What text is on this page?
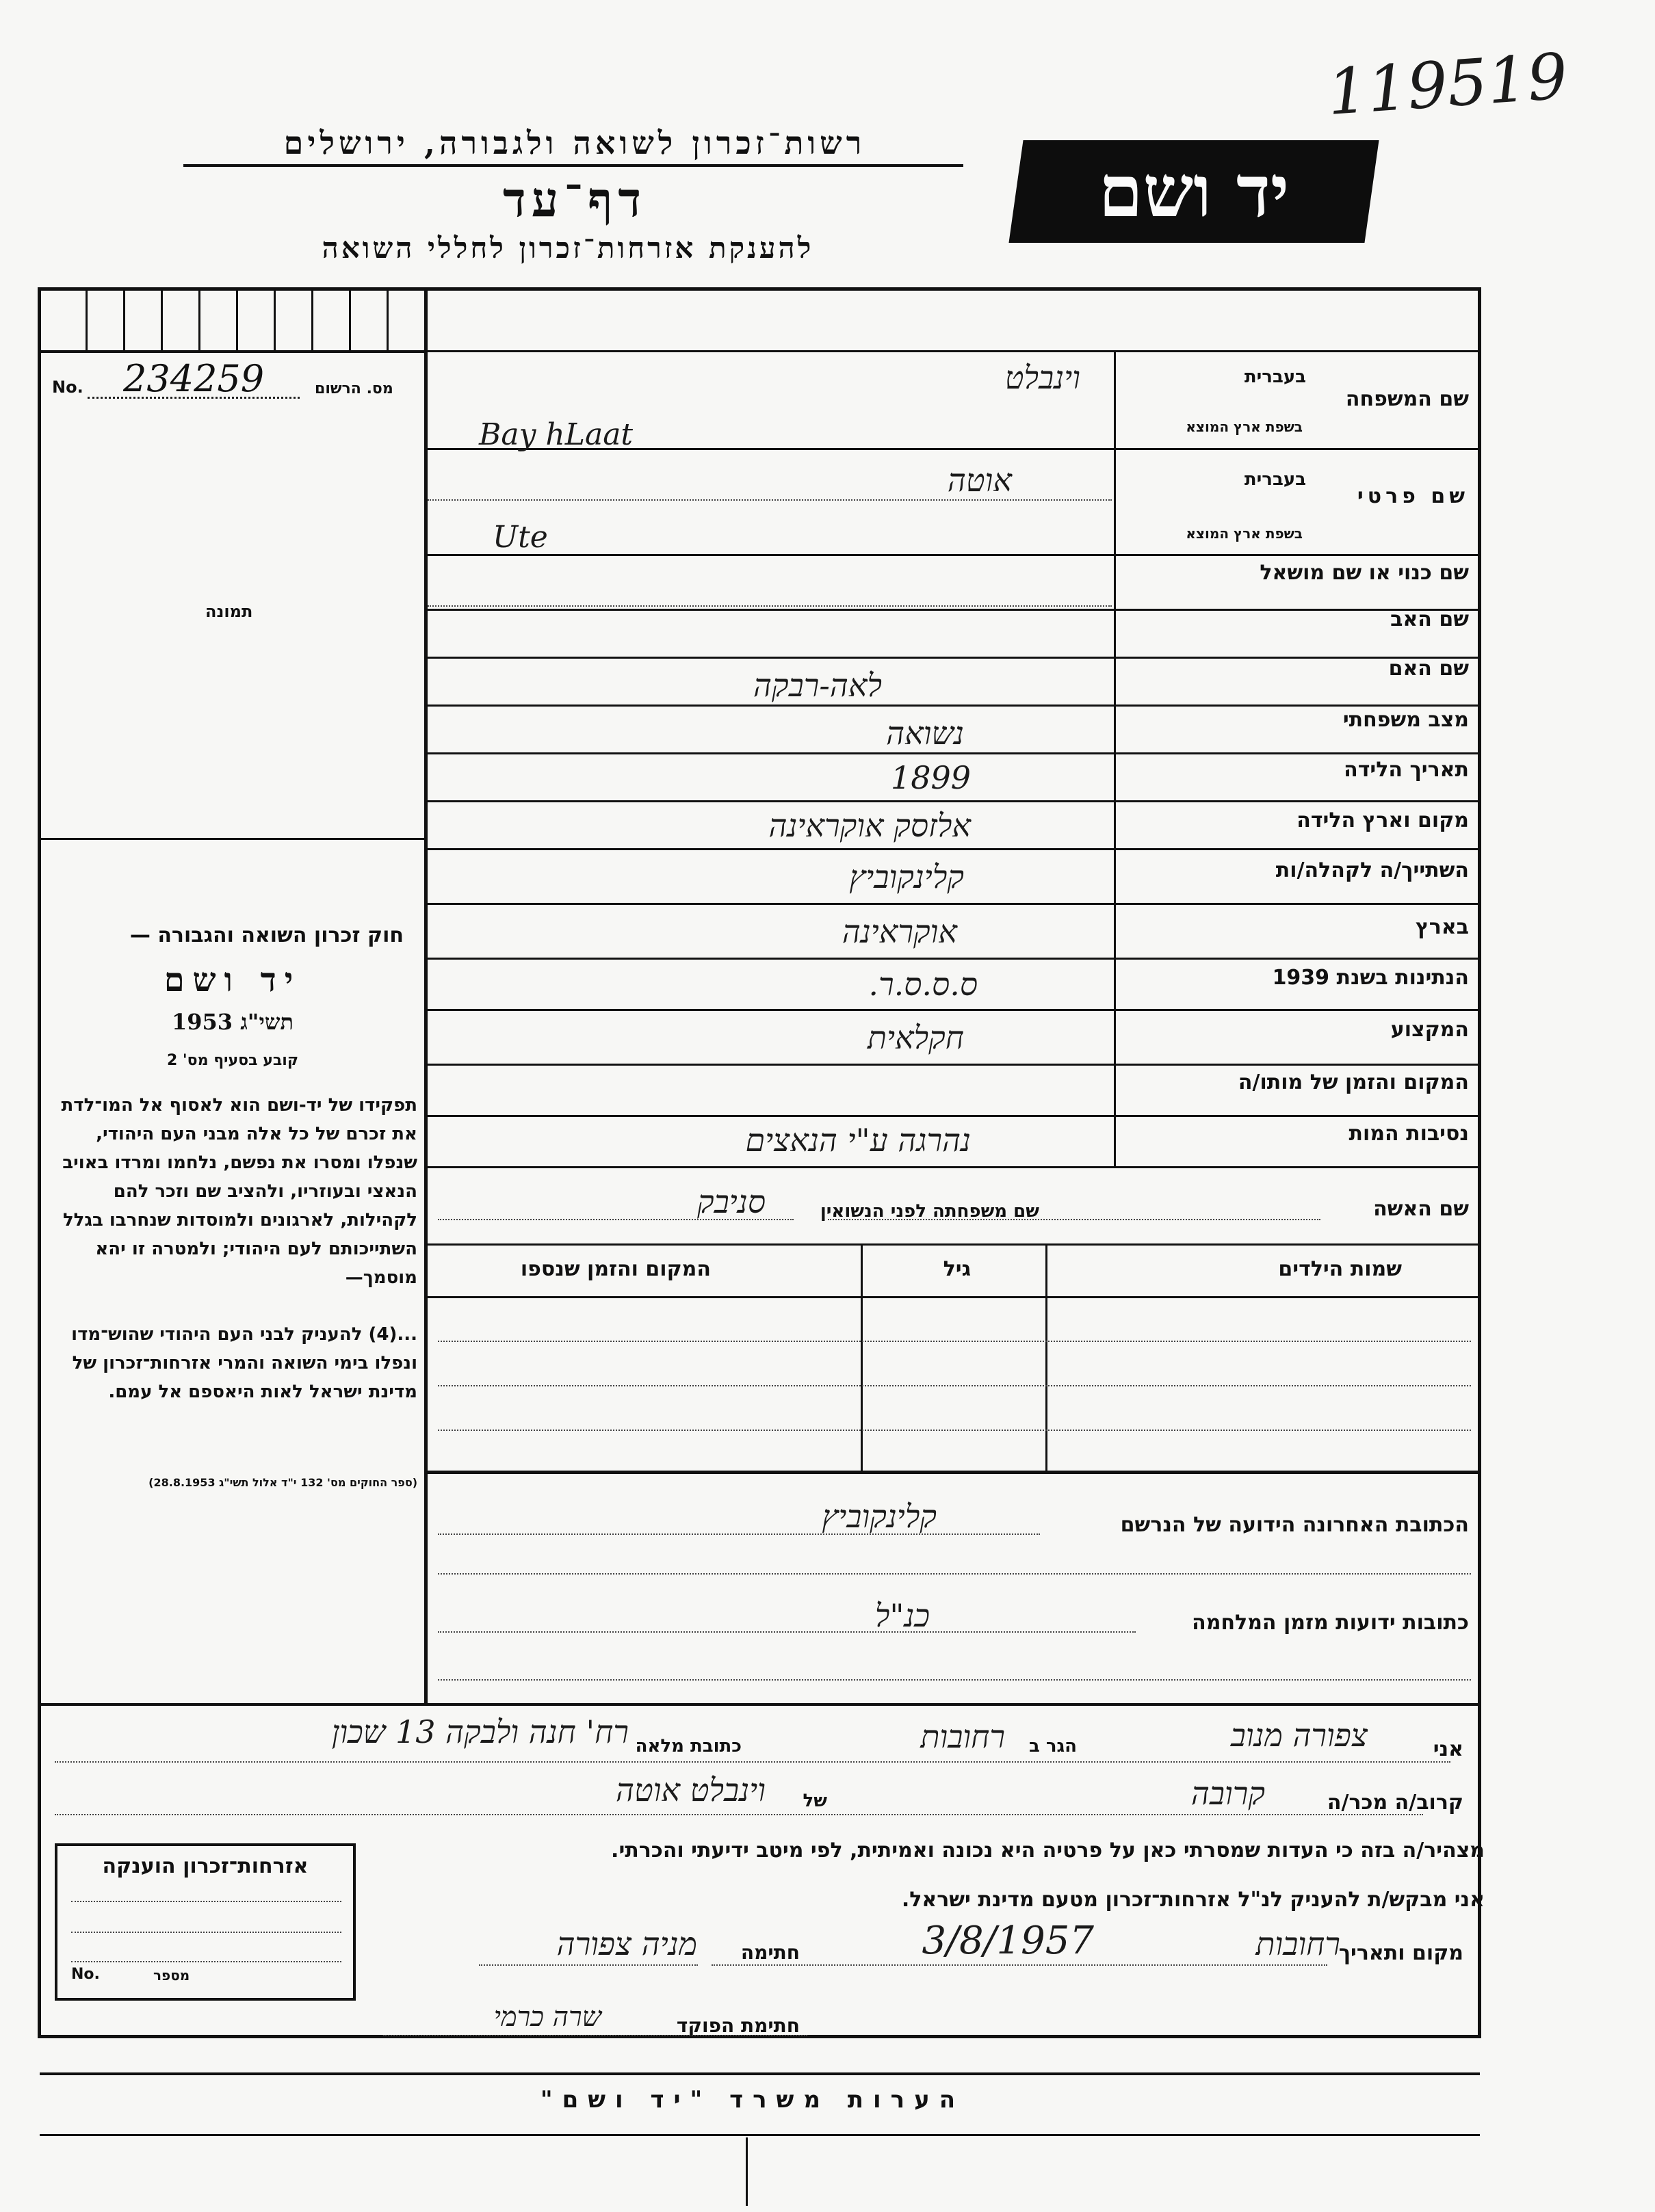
119519
רשות־זכרון לשואה ולגבורה, ירושלים
דף־עד
להענקת אזרחות־זכרון לחללי השואה
יד ושם
No. 234259	מס. הרשום
תמונה
חוק זכרון השואה והגבורה —
יד ושם
תשי"ג 1953
קובע בסעיף מס' 2
תפקידו של יד-ושם הוא לאסוף אל המו־לדת את זכרם של כל אלה מבני העם היהודי, שנפלו ומסרו את נפשם, נלחמו ומרדו באויב הנאצי ובעוזריו, ולהציב שם וזכר להם לקהילות, לארגונים ולמוסדות שנחרבו בגלל השתייכותם לעם היהודי; ולמטרה זו יהא מוסמך—
...(4) להעניק לבני העם היהודי שהוש־מדו ונפלו בימי השואה והמרי אזרחות־זכרון של מדינת ישראל לאות היאספם אל עמם.
(ספר החוקים מס' 132 י"ד אלול תשי"ג 28.8.1953)
בעברית
שם המשפחה
בשפת ארץ המוצא
וינבלט
Bay hLaat
בעברית
שם פרטי
בשפת ארץ המוצא
אוטה
Ute
שם כנוי או שם מושאל
שם האב
שם האם
לאה-רבקה
מצב משפחתי
נשואה
תאריך הלידה
1899
מקום וארץ הלידה
אלזסק אוקראינה
השתייך/ה לקהלה/ות
קלינקוביץ
בארץ
אוקראינה
הנתינות בשנת 1939
ס.ס.ס.ר.
המקצוע
חקלאית
המקום והזמן של מותו/ה
נסיבות המות
נהרגה ע"י הנאצים
שם האשה
שם משפחתה לפני הנשואין
סניבק
שמות הילדים
גיל
המקום והזמן שנספו
הכתובת האחרונה הידועה של הנרשם
קלינקוביץ
כתובות ידועות מזמן המלחמה
כנ"ל
אני
צפורה מנוב
הגר ב
רחובות
כתובת מלאה
רח' חנה ולבקה 13 שכון
קרוב/ה מכר/ה
קרובה
של
וינבלט אוטה
מצהיר/ה בזה כי העדות שמסרתי כאן על פרטיה היא נכונה ואמיתית, לפי מיטב ידיעתי והכרתי.
אני מבקש/ת להעניק לנ"ל אזרחות־זכרון מטעם מדינת ישראל.
מקום ותאריך
רחובות
3/8/1957
חתימה
מניה צפורה
חתימת הפוקד
שרה כרמי
אזרחות־זכרון הוענקה
No.	מספר
הערות משרד "יד ושם"
